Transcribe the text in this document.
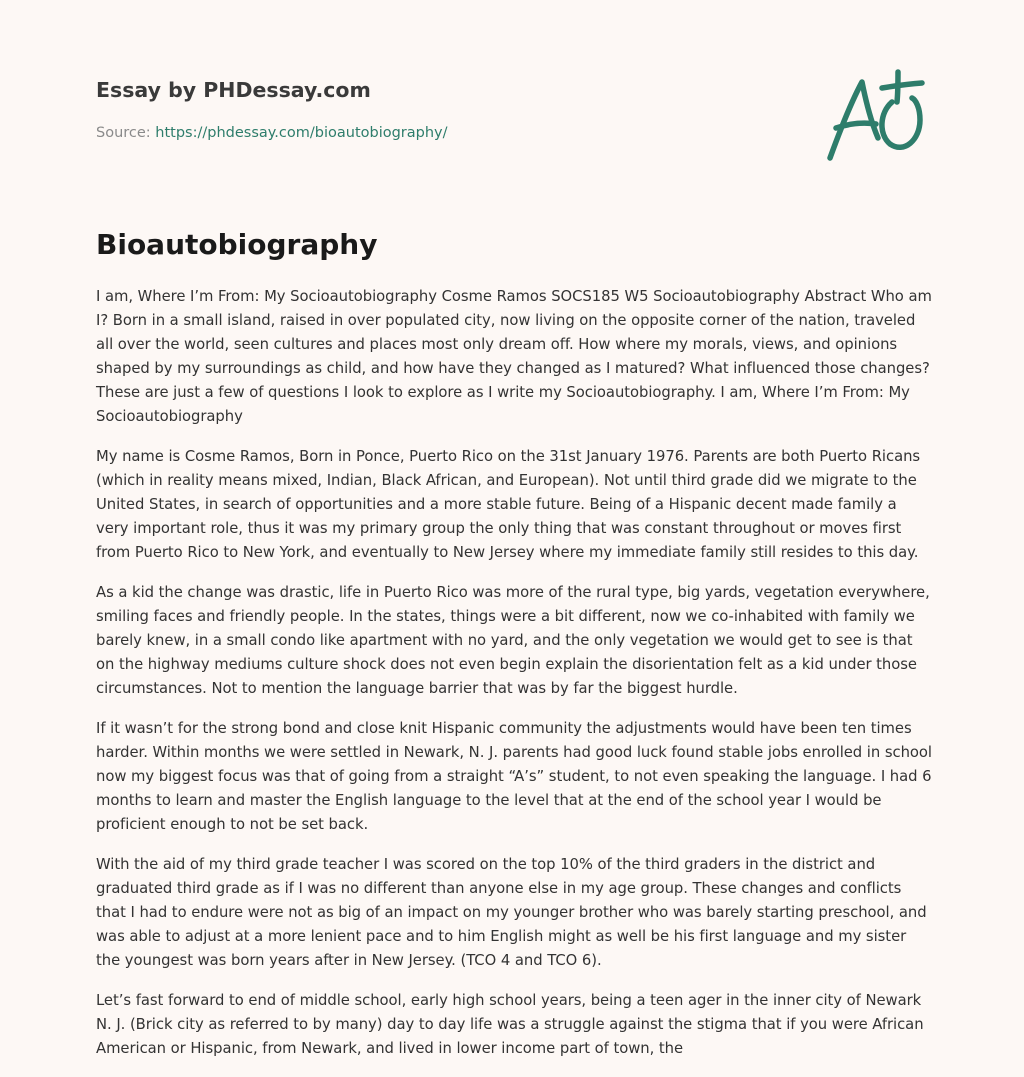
Essay by PHDessay.com

Source: https://phdessay.com/bioautobiography/

Bioautobiography

I am, Where I’m From: My Socioautobiography Cosme Ramos SOCS185 W5 Socioautobiography Abstract Who am I? Born in a small island, raised in over populated city, now living on the opposite corner of the nation, traveled all over the world, seen cultures and places most only dream off. How where my morals, views, and opinions shaped by my surroundings as child, and how have they changed as I matured? What influenced those changes? These are just a few of questions I look to explore as I write my Socioautobiography. I am, Where I’m From: My Socioautobiography

My name is Cosme Ramos, Born in Ponce, Puerto Rico on the 31st January 1976. Parents are both Puerto Ricans (which in reality means mixed, Indian, Black African, and European). Not until third grade did we migrate to the United States, in search of opportunities and a more stable future. Being of a Hispanic decent made family a very important role, thus it was my primary group the only thing that was constant throughout or moves first from Puerto Rico to New York, and eventually to New Jersey where my immediate family still resides to this day.

As a kid the change was drastic, life in Puerto Rico was more of the rural type, big yards, vegetation everywhere, smiling faces and friendly people. In the states, things were a bit different, now we co-inhabited with family we barely knew, in a small condo like apartment with no yard, and the only vegetation we would get to see is that on the highway mediums culture shock does not even begin explain the disorientation felt as a kid under those circumstances. Not to mention the language barrier that was by far the biggest hurdle.

If it wasn’t for the strong bond and close knit Hispanic community the adjustments would have been ten times harder. Within months we were settled in Newark, N. J. parents had good luck found stable jobs enrolled in school now my biggest focus was that of going from a straight “A’s” student, to not even speaking the language. I had 6 months to learn and master the English language to the level that at the end of the school year I would be proficient enough to not be set back.

With the aid of my third grade teacher I was scored on the top 10% of the third graders in the district and graduated third grade as if I was no different than anyone else in my age group. These changes and conflicts that I had to endure were not as big of an impact on my younger brother who was barely starting preschool, and was able to adjust at a more lenient pace and to him English might as well be his first language and my sister the youngest was born years after in New Jersey. (TCO 4 and TCO 6).

Let’s fast forward to end of middle school, early high school years, being a teen ager in the inner city of Newark N. J. (Brick city as referred to by many) day to day life was a struggle against the stigma that if you were African American or Hispanic, from Newark, and lived in lower income part of town, the
